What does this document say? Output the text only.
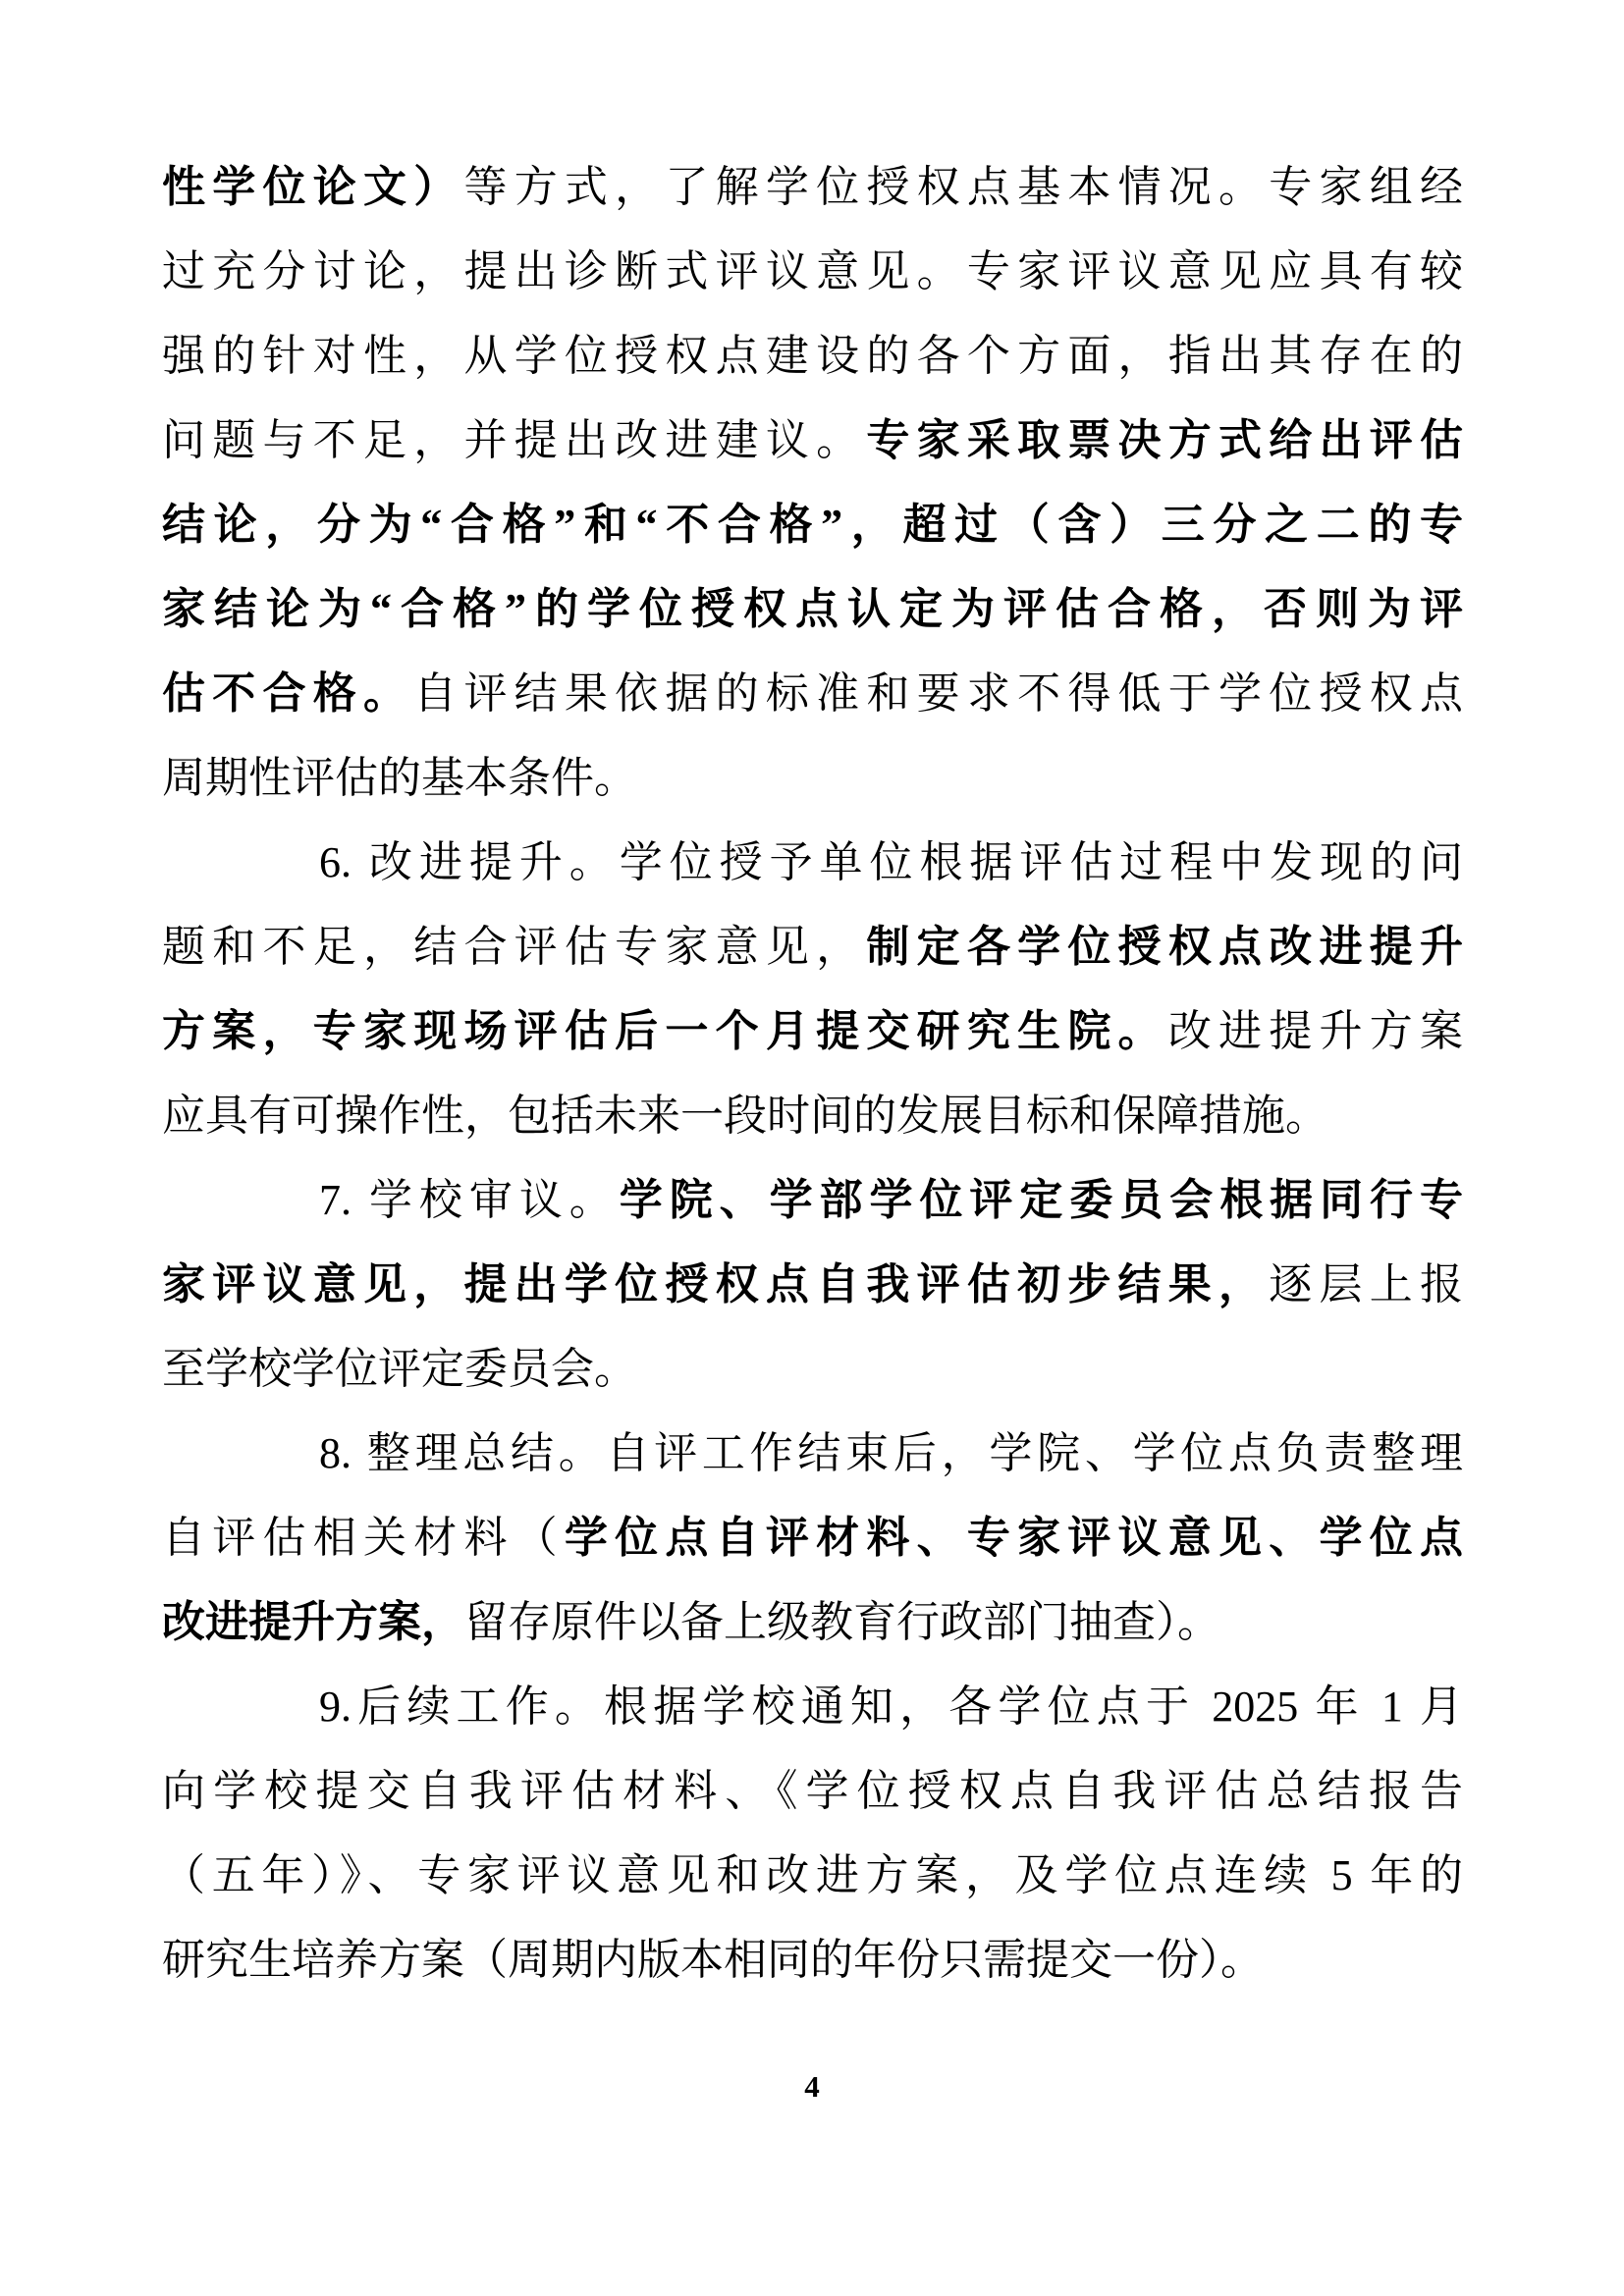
性学位论文）等方式，了解学位授权点基本情况。专家组经
过充分讨论，提出诊断式评议意见。专家评议意见应具有较
强的针对性，从学位授权点建设的各个方面，指出其存在的
问题与不足，并提出改进建议。专家采取票决方式给出评估
结论，分为“合格”和“不合格”，超过（含）三分之二的专
家结论为“合格”的学位授权点认定为评估合格，否则为评
估不合格。自评结果依据的标准和要求不得低于学位授权点
周期性评估的基本条件。
6. 改进提升。学位授予单位根据评估过程中发现的问
题和不足，结合评估专家意见，制定各学位授权点改进提升
方案，专家现场评估后一个月提交研究生院。改进提升方案
应具有可操作性，包括未来一段时间的发展目标和保障措施。
7. 学校审议。学院、学部学位评定委员会根据同行专
家评议意见，提出学位授权点自我评估初步结果，逐层上报
至学校学位评定委员会。
8. 整理总结。自评工作结束后，学院、学位点负责整理
自评估相关材料（学位点自评材料、专家评议意见、学位点
改进提升方案，留存原件以备上级教育行政部门抽查）。
9.后续工作。根据学校通知，各学位点于 2025 年 1 月
向学校提交自我评估材料、《学位授权点自我评估总结报告
（五年）》、专家评议意见和改进方案，及学位点连续 5 年的
研究生培养方案（周期内版本相同的年份只需提交一份）。
4
